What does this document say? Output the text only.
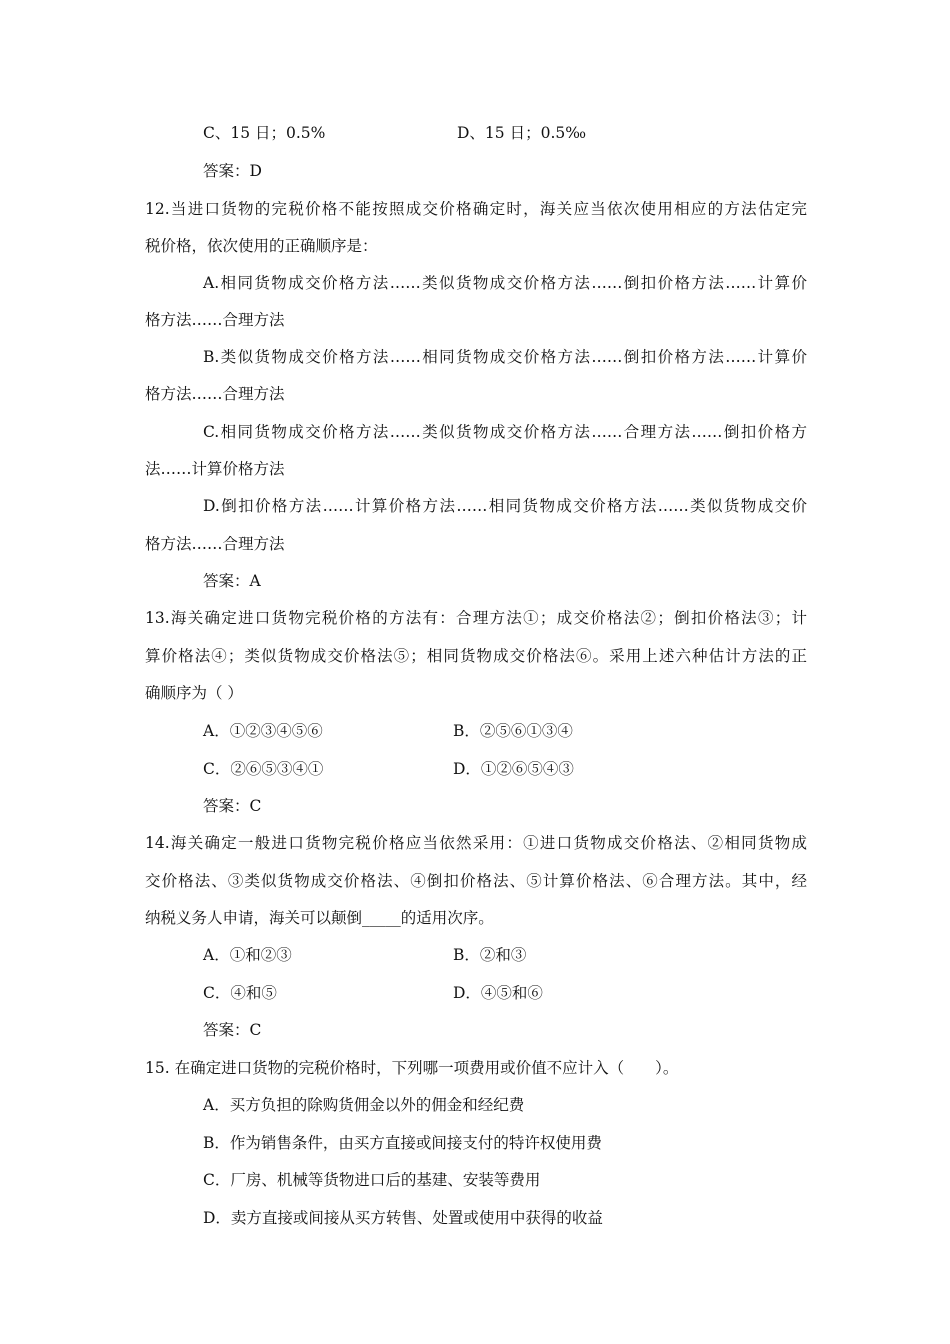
C、15 日；0.5%	D、15 日；0.5‰
答案：D
12.当进口货物的完税价格不能按照成交价格确定时，海关应当依次使用相应的方法估定完
税价格，依次使用的正确顺序是：
A.相同货物成交价格方法……类似货物成交价格方法……倒扣价格方法……计算价
格方法……合理方法
B.类似货物成交价格方法……相同货物成交价格方法……倒扣价格方法……计算价
格方法……合理方法
C.相同货物成交价格方法……类似货物成交价格方法……合理方法……倒扣价格方
法……计算价格方法
D.倒扣价格方法……计算价格方法……相同货物成交价格方法……类似货物成交价
格方法……合理方法
答案：A
13.海关确定进口货物完税价格的方法有：合理方法①；成交价格法②；倒扣价格法③；计
算价格法④；类似货物成交价格法⑤；相同货物成交价格法⑥。采用上述六种估计方法的正
确顺序为（ ）
A．①②③④⑤⑥	B．②⑤⑥①③④
C．②⑥⑤③④①	D．①②⑥⑤④③
答案：C
14.海关确定一般进口货物完税价格应当依然采用：①进口货物成交价格法、②相同货物成
交价格法、③类似货物成交价格法、④倒扣价格法、⑤计算价格法、⑥合理方法。其中，经
纳税义务人申请，海关可以颠倒_____的适用次序。
A．①和②③	B．②和③
C．④和⑤	D．④⑤和⑥
答案：C
15. 在确定进口货物的完税价格时，下列哪一项费用或价值不应计入（　　）。
A．买方负担的除购货佣金以外的佣金和经纪费
B．作为销售条件，由买方直接或间接支付的特许权使用费
C．厂房、机械等货物进口后的基建、安装等费用
D．卖方直接或间接从买方转售、处置或使用中获得的收益
